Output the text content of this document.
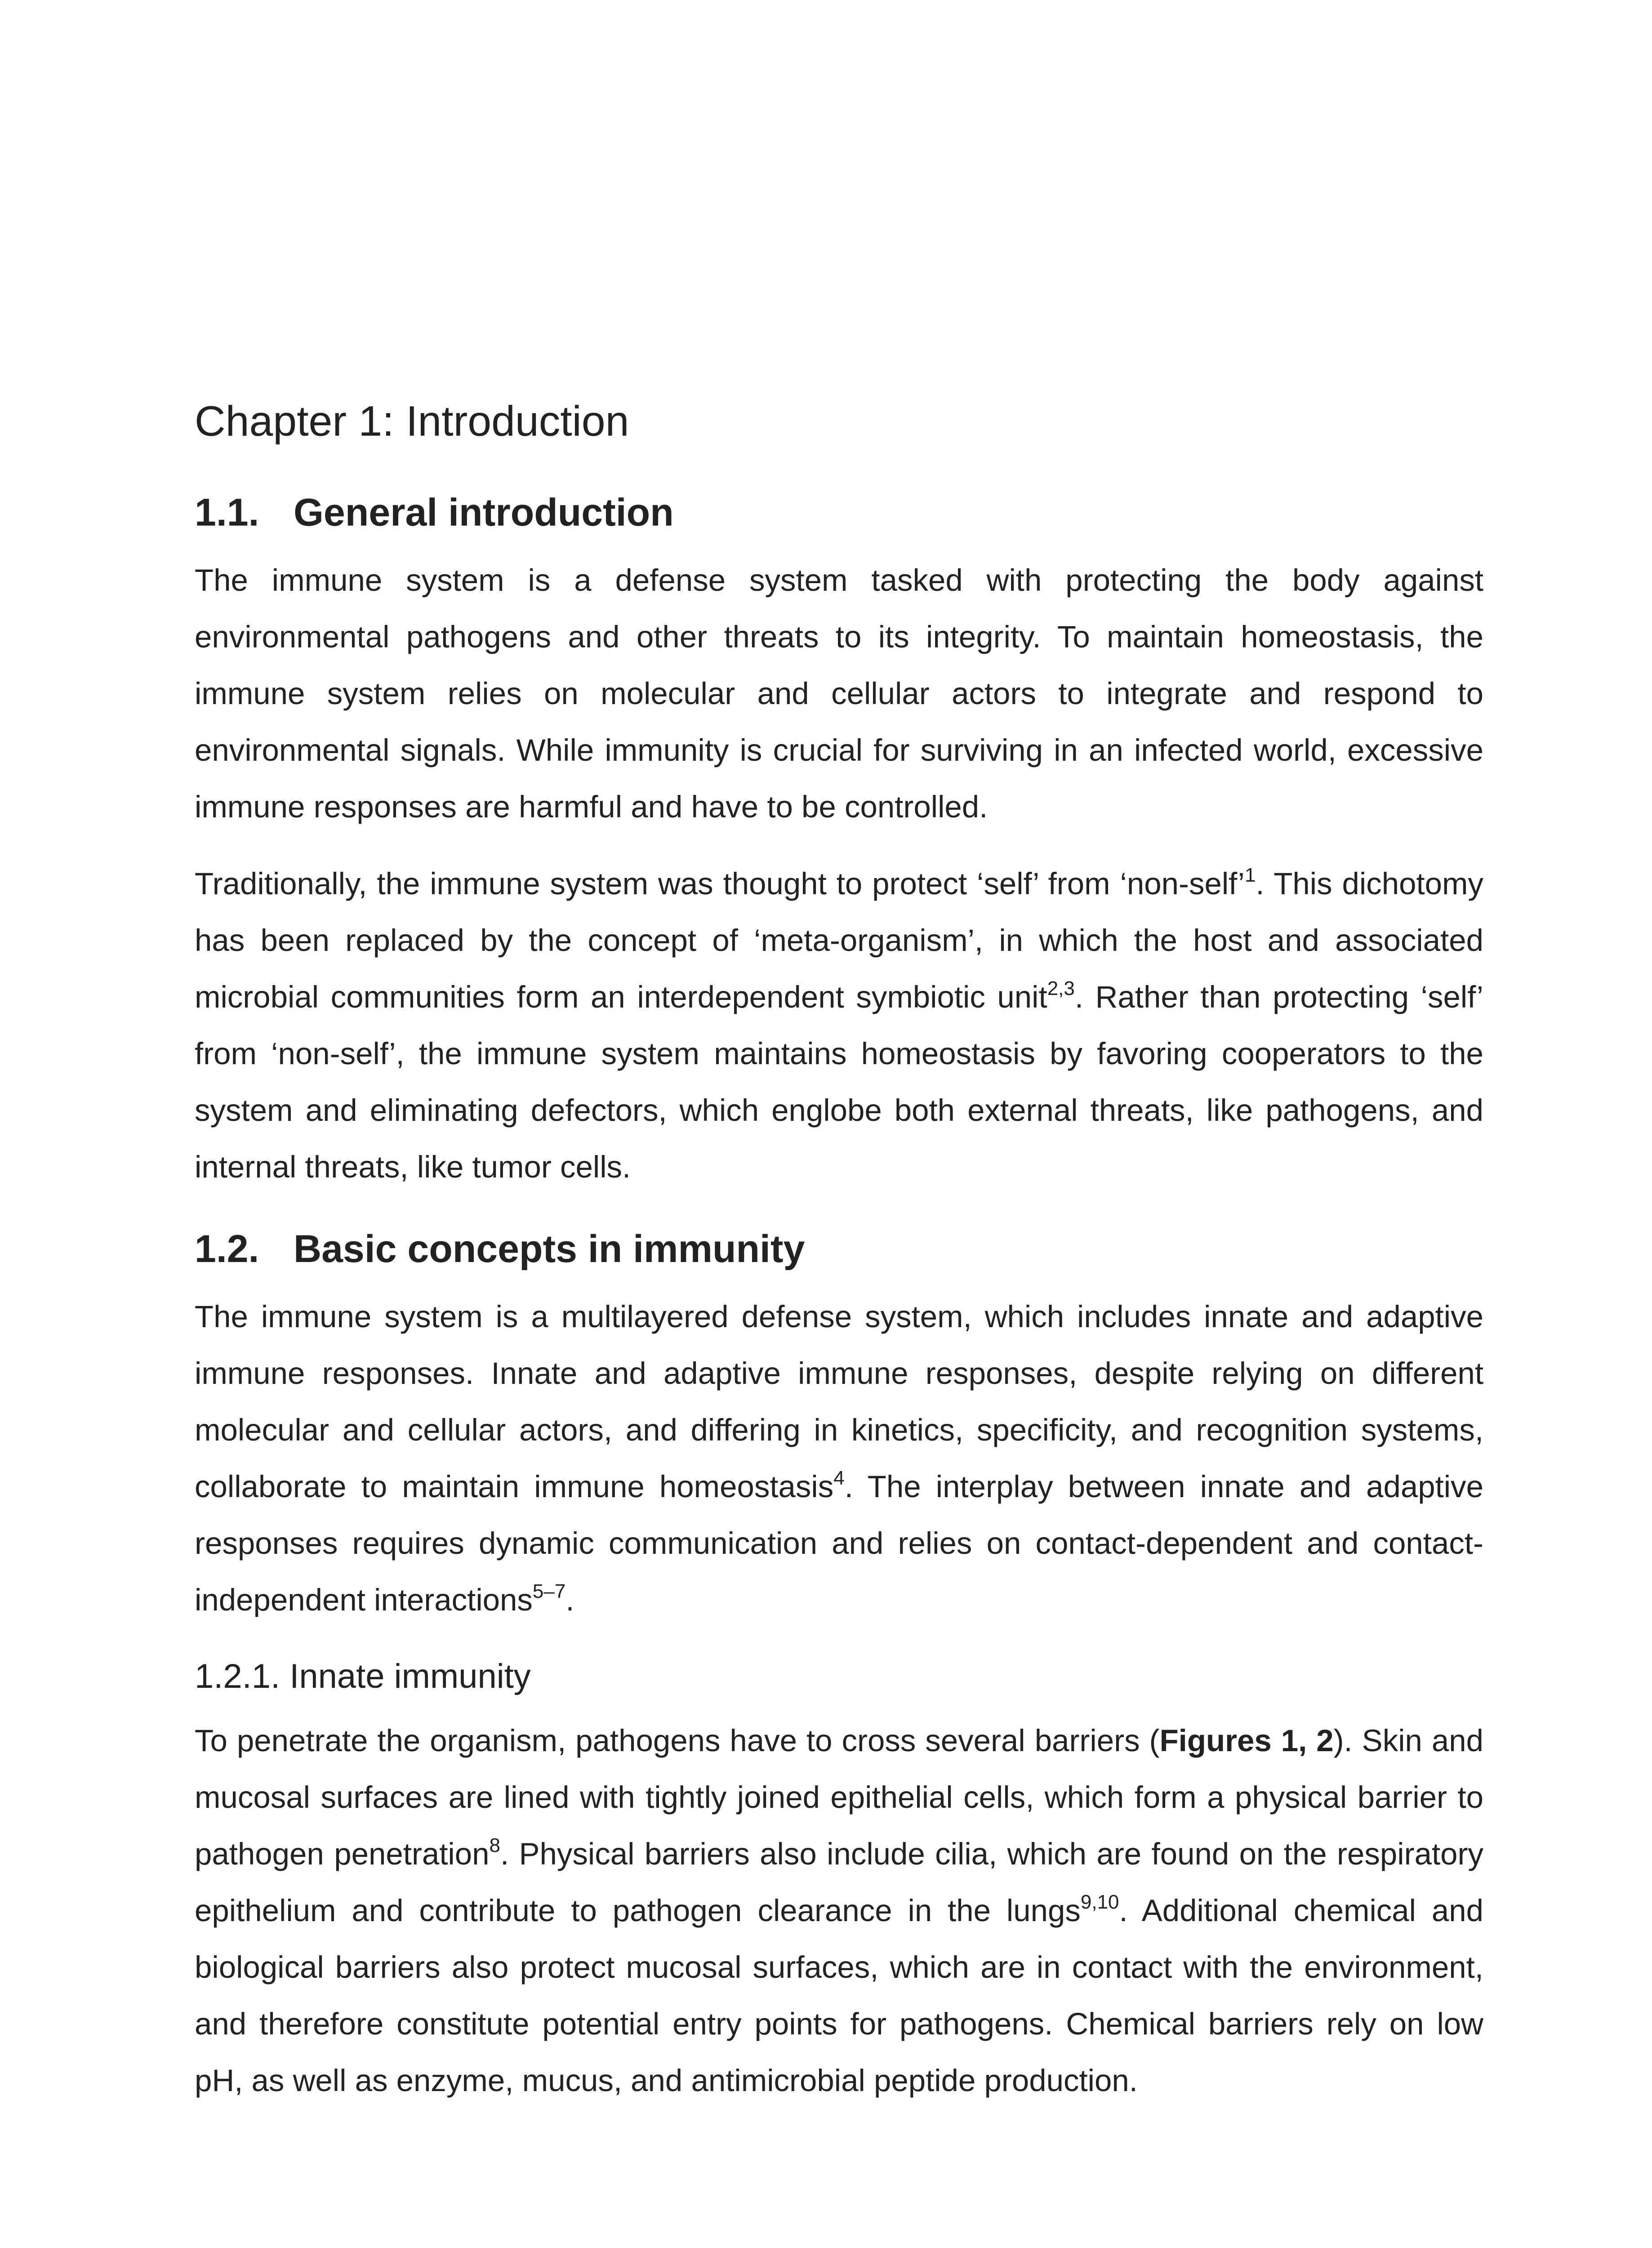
Chapter 1: Introduction
1.1. General introduction

The immune system is a defense system tasked with protecting the body against environmental pathogens and other threats to its integrity. To maintain homeostasis, the immune system relies on molecular and cellular actors to integrate and respond to environmental signals. While immunity is crucial for surviving in an infected world, excessive immune responses are harmful and have to be controlled.

Traditionally, the immune system was thought to protect ‘self’ from ‘non-self’$^1$. This dichotomy has been replaced by the concept of ‘meta-organism’, in which the host and associated microbial communities form an interdependent symbiotic unit$^{2,3}$. Rather than protecting ‘self’ from ‘non-self’, the immune system maintains homeostasis by favoring cooperators to the system and eliminating defectors, which englobe both external threats, like pathogens, and internal threats, like tumor cells.

1.2. Basic concepts in immunity

The immune system is a multilayered defense system, which includes innate and adaptive immune responses. Innate and adaptive immune responses, despite relying on different molecular and cellular actors, and differing in kinetics, specificity, and recognition systems, collaborate to maintain immune homeostasis$^4$. The interplay between innate and adaptive responses requires dynamic communication and relies on contact-dependent and contact-independent interactions$^{5-7}$.

1.2.1. Innate immunity

To penetrate the organism, pathogens have to cross several barriers (Figures 1, 2). Skin and mucosal surfaces are lined with tightly joined epithelial cells, which form a physical barrier to pathogen penetration$^8$. Physical barriers also include cilia, which are found on the respiratory epithelium and contribute to pathogen clearance in the lungs$^{9,10}$. Additional chemical and biological barriers also protect mucosal surfaces, which are in contact with the environment, and therefore constitute potential entry points for pathogens. Chemical barriers rely on low pH, as well as enzyme, mucus, and antimicrobial peptide production.
